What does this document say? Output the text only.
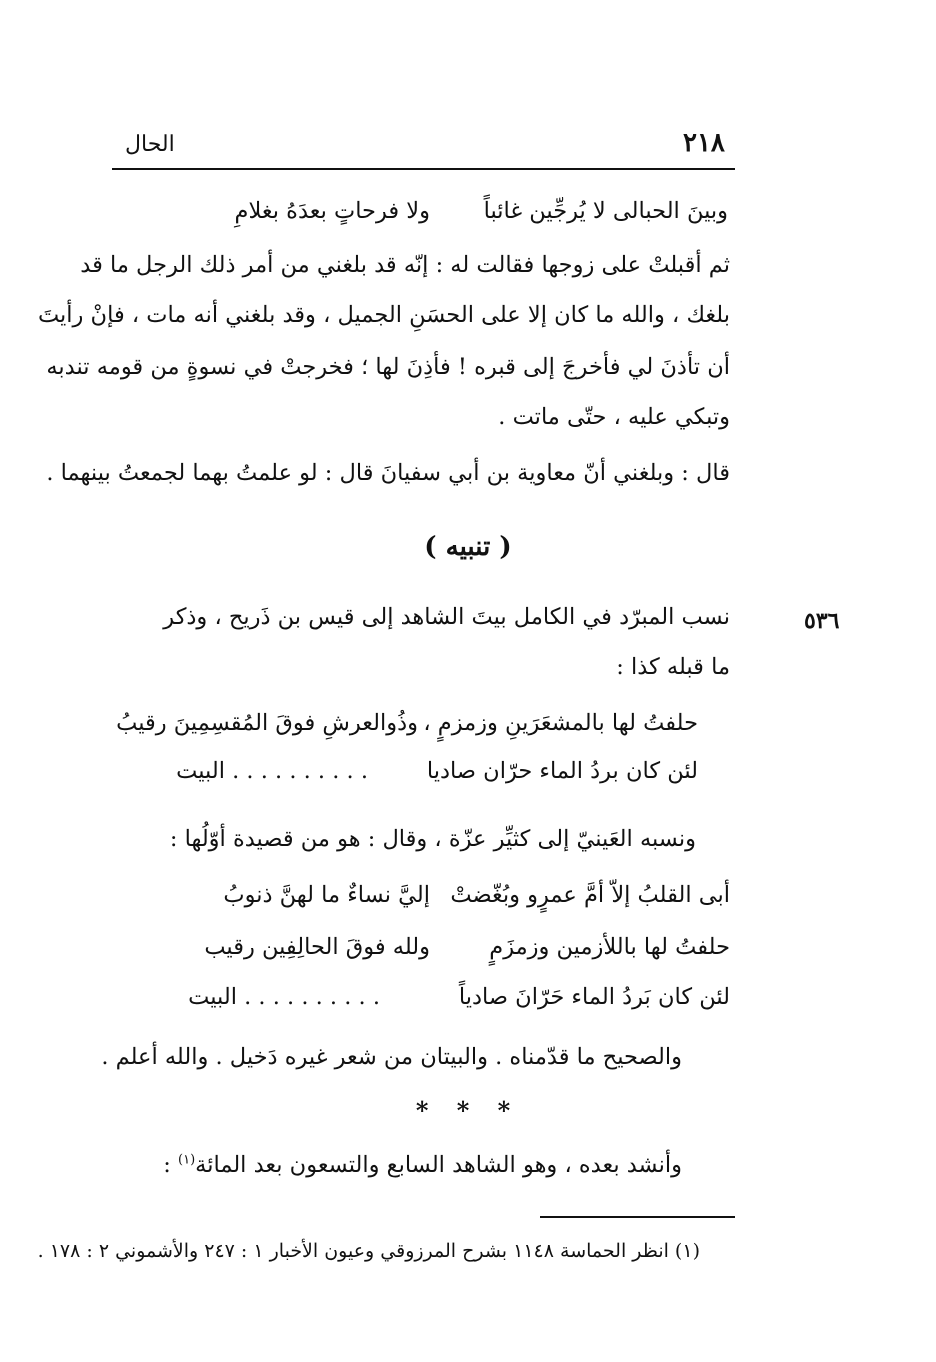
٢١٨
الحال
ولا فرحاتٍ بعدَهُ بغلامِ وبينَ الحبالى لا يُرجِّين غائباً
ثم أقبلتْ على زوجها فقالت له : إنّه قد بلغني من أمر ذلك الرجل ما قد
بلغك ، والله ما كان إلا على الحسَنِ الجميل ، وقد بلغني أنه مات ، فإنْ رأيتَ
أن تأذنَ لي فأخرجَ إلى قبره ! فأذِنَ لها ؛ فخرجتْ في نسوةٍ من قومه تندبه
وتبكي عليه ، حتّى ماتت .
قال : وبلغني أنّ معاوية بن أبي سفيانَ قال : لو علمتُ بهما لجمعتُ بينهما .
( تنبيه )
٥٣٦
نسب المبرّد في الكامل بيتَ الشاهد إلى قيس بن ذَريح ، وذكر
ما قبله كذا :
حلفتُ لها بالمشعَرَينِ وزمزمٍ ،
وذُوالعرشِ فوقَ المُقسِمِينَ رقيبُ
لئن كان بردُ الماء حرّان صاديا
. . . . . . . . . . البيت
ونسبه العَينيّ إلى كثيِّر عزّة ، وقال : هو من قصيدة أوّلُها :
أبى القلبُ إلاّ أمَّ عمرٍو وبُغّضتْ
إليَّ نساءٌ ما لهنَّ ذنوبُ
حلفتُ لها باللأزمين وزمزَمٍ
ولله فوقَ الحالِفِين رقيب
لئن كان بَردُ الماء حَرّانَ صادياً
. . . . . . . . . . البيت
والصحيح ما قدّمناه . والبيتان من شعر غيره دَخيل . والله أعلم .
* * *
وأنشد بعده ، وهو الشاهد السابع والتسعون بعد المائة$^{(١)}$ :
(١) انظر الحماسة ١١٤٨ بشرح المرزوقي وعيون الأخبار ١ : ٢٤٧ والأشموني ٢ : ١٧٨ .
